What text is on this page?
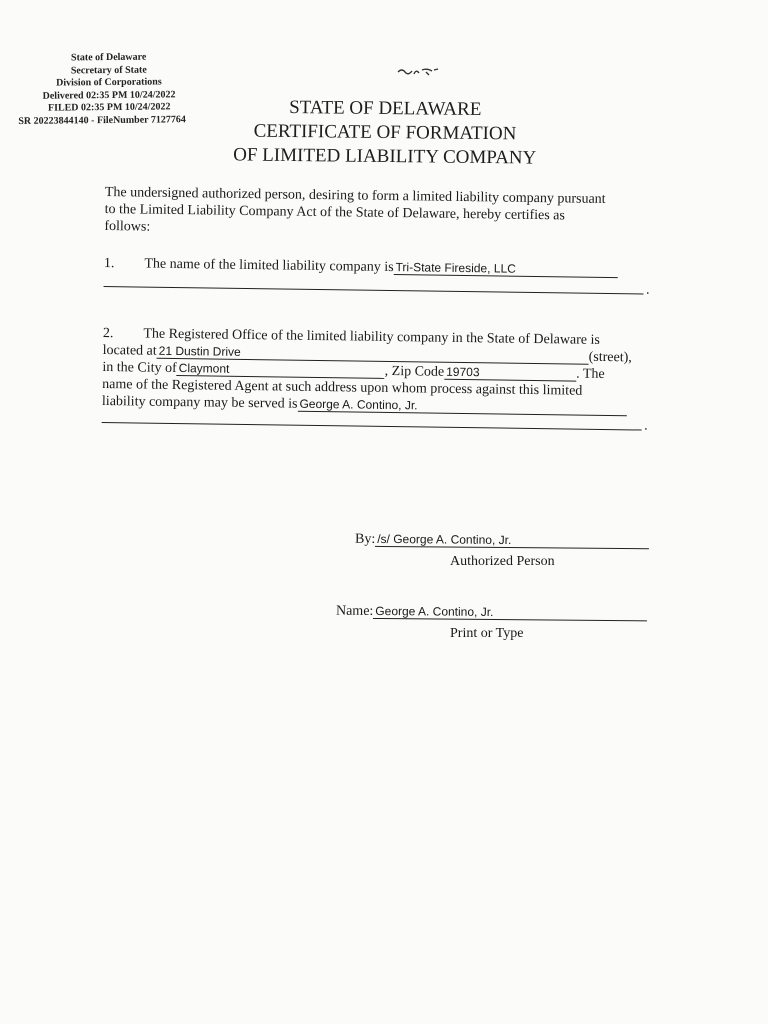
State of Delaware
Secretary of State
Division of Corporations
Delivered 02:35 PM 10/24/2022
FILED 02:35 PM 10/24/2022
SR 20223844140 - FileNumber 7127764
STATE OF DELAWARE
CERTIFICATE OF FORMATION
OF LIMITED LIABILITY COMPANY
The undersigned authorized person, desiring to form a limited liability company pursuant
to the Limited Liability Company Act of the State of Delaware, hereby certifies as
follows:
1. The name of the limited liability company is Tri-State Fireside, LLC
.
2. The Registered Office of the limited liability company in the State of Delaware is
located at 21 Dustin Drive	(street),
in the City of Claymont	, Zip Code 19703	. The
name of the Registered Agent at such address upon whom process against this limited
liability company may be served is George A. Contino, Jr.
.
By: /s/ George A. Contino, Jr.
Authorized Person
Name: George A. Contino, Jr.
Print or Type
